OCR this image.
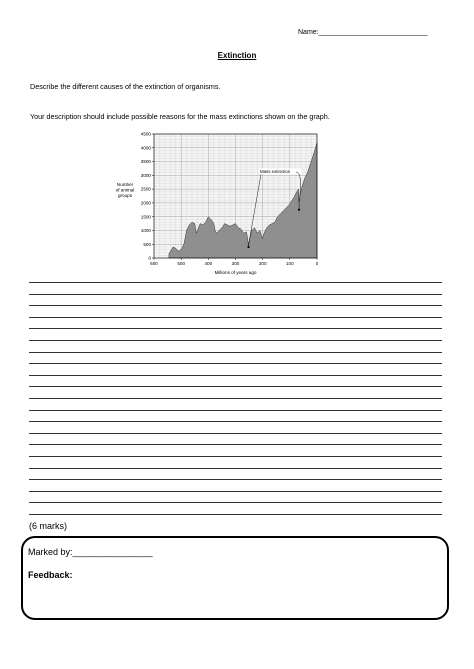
Name:____________________________
Extinction
Describe the different causes of the extinction of organisms.
Your description should include possible reasons for the mass extinctions shown on the graph.
600	500	400	300	200	100	0
0
500
1000
1500
2000
2500
3000
3500
4000
4500
Number
of animal
groups
Millions of years ago
Mass extinction
(6 marks)
Marked by:________________
Feedback:
